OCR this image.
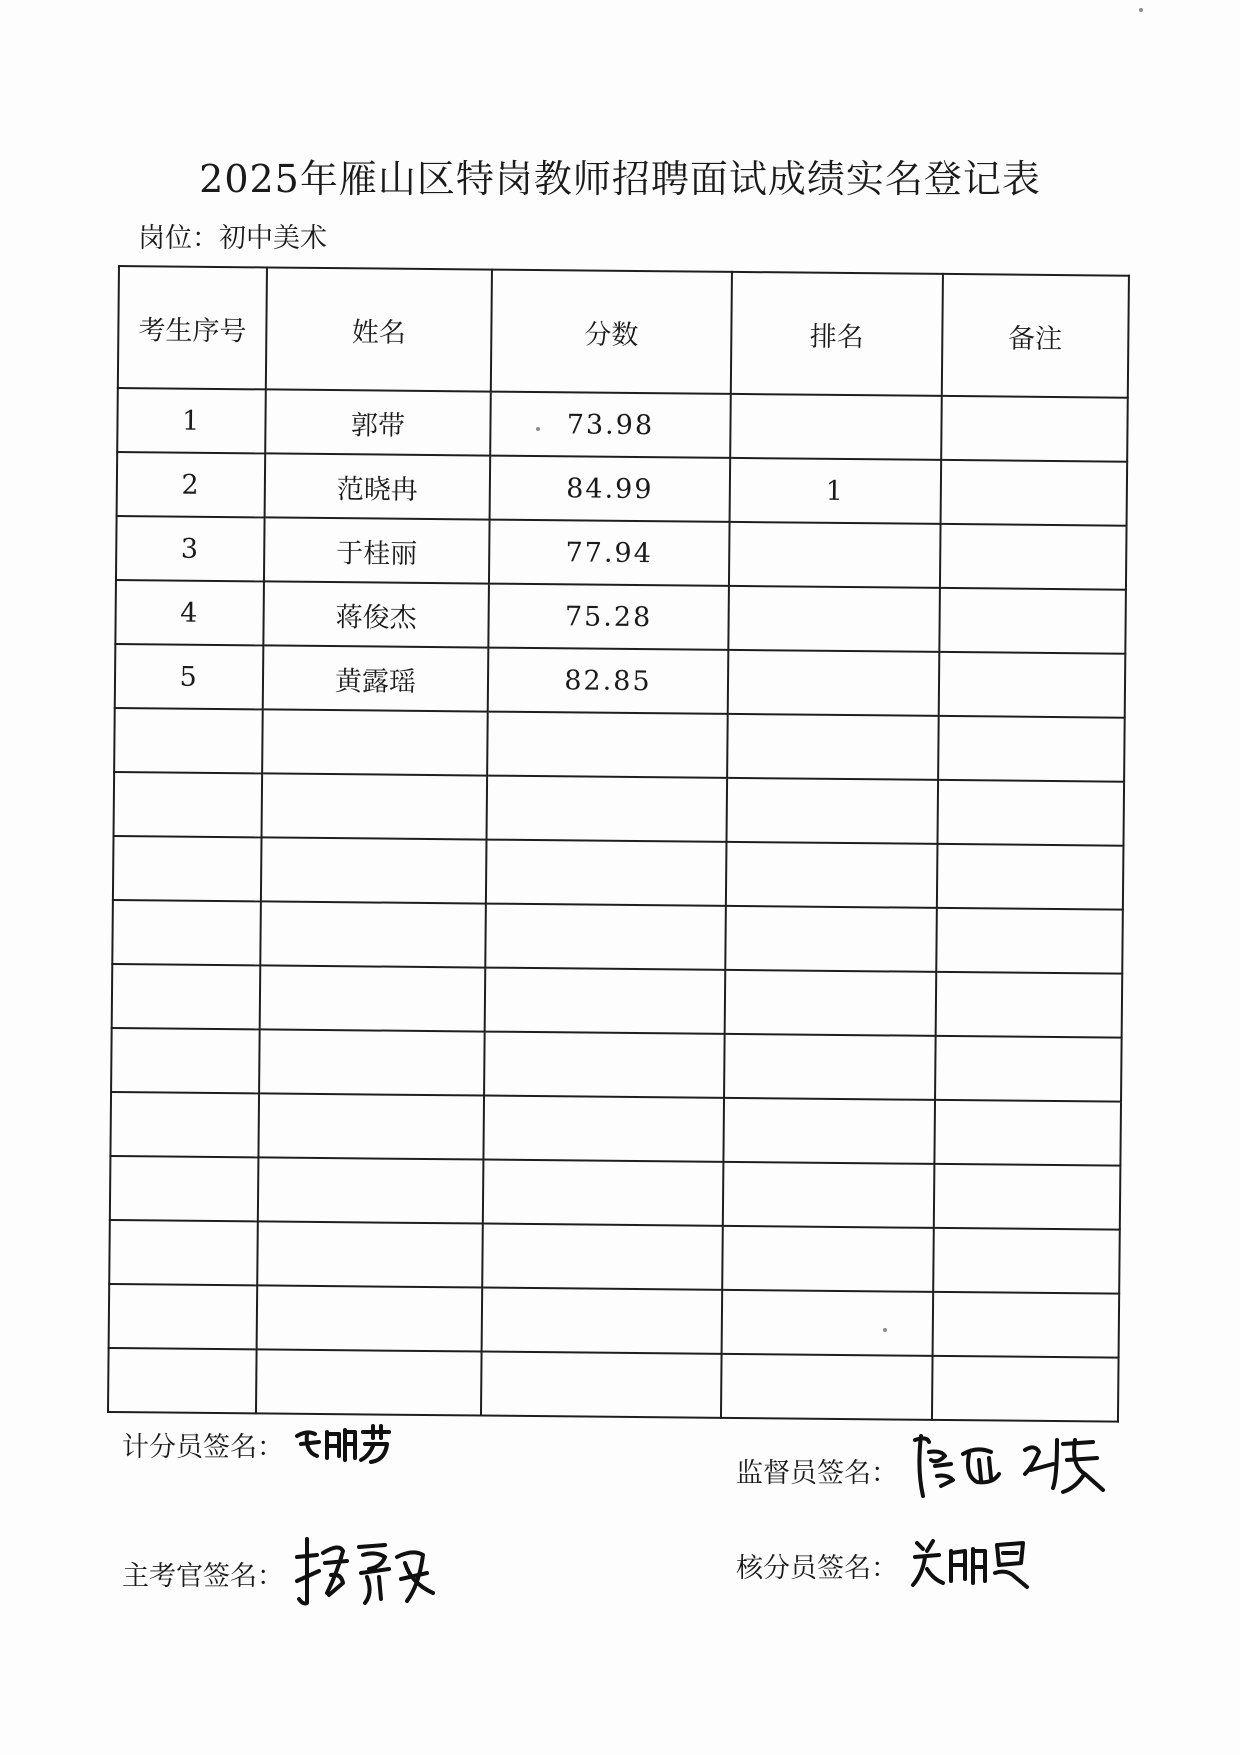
2025年雁山区特岗教师招聘面试成绩实名登记表
岗位：初中美术
考生序号	姓名	分数	排名	备注
1	郭带	73.98		
2	范晓冉	84.99	1	
3	于桂丽	77.94		
4	蒋俊杰	75.28		
5	黄露瑶	82.85		

计分员签名：
监督员签名：
主考官签名：	核分员签名：
